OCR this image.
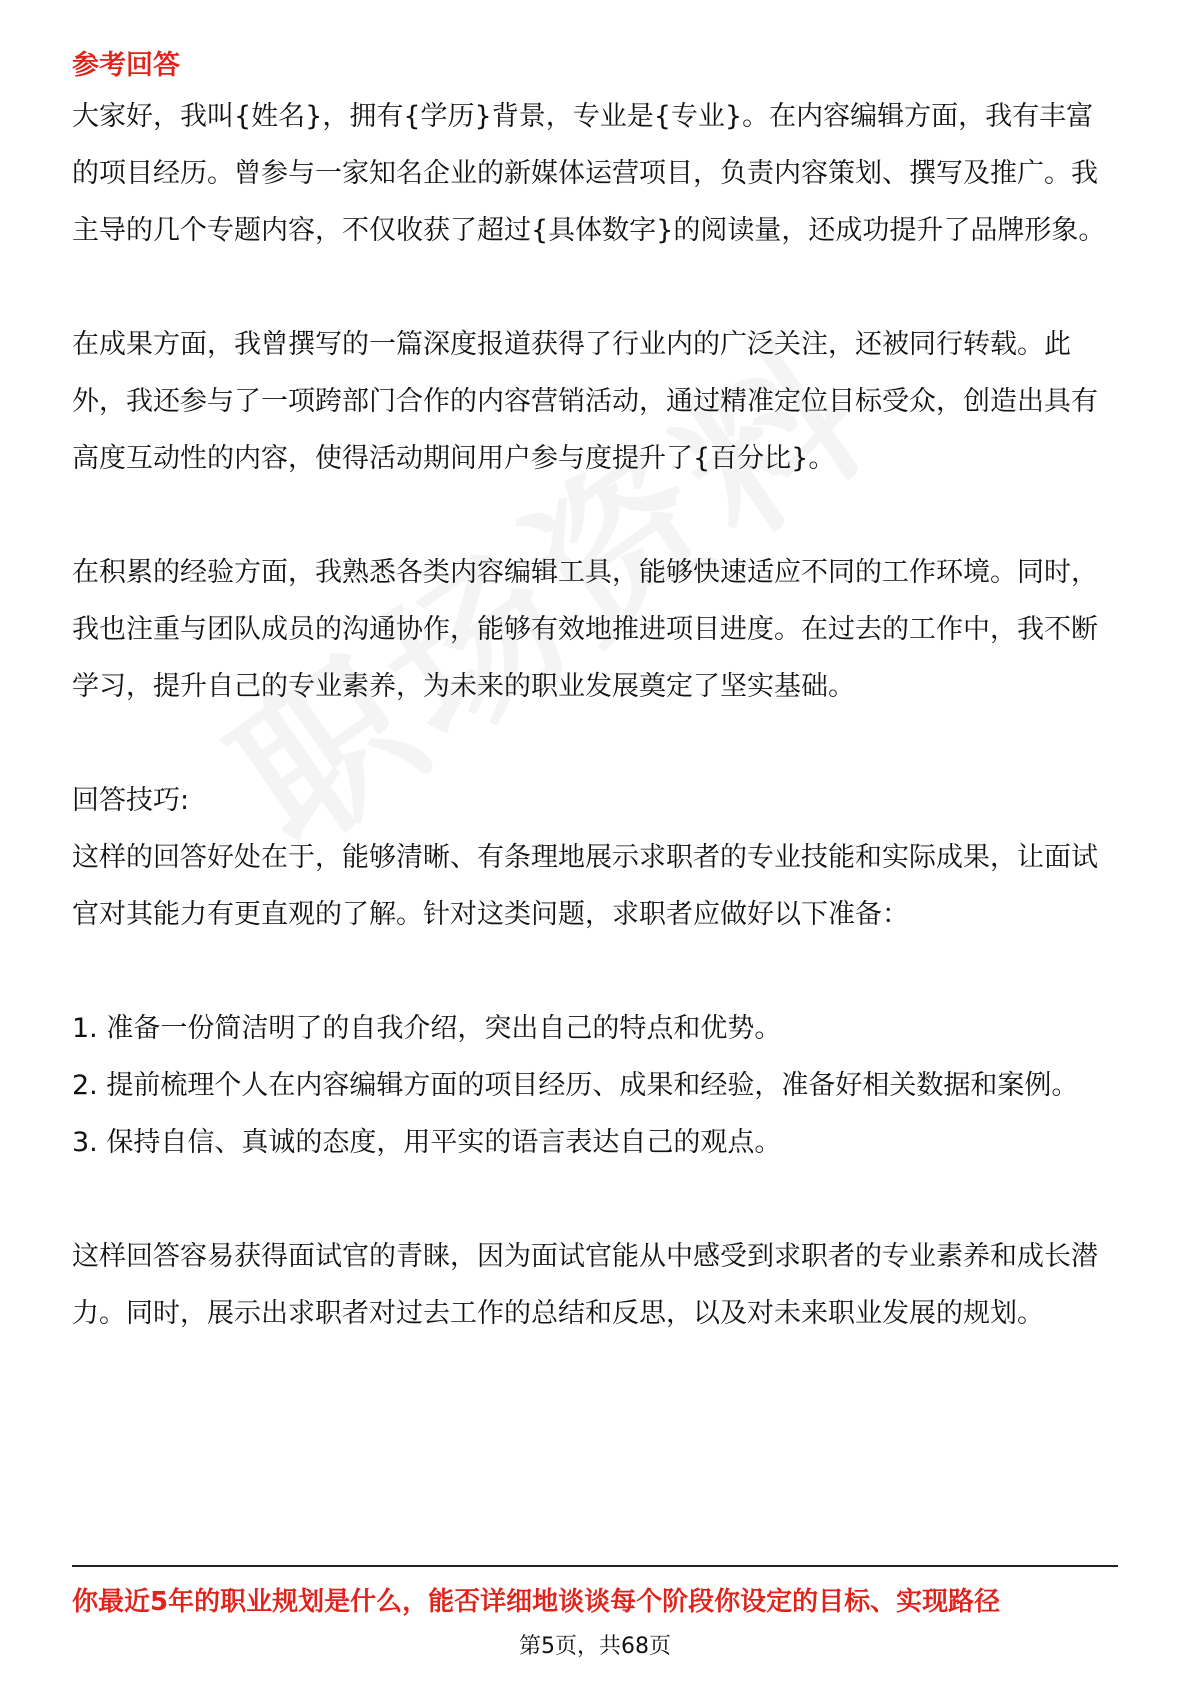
参考回答

大家好，我叫{姓名}，拥有{学历}背景，专业是{专业}。在内容编辑方面，我有丰富的项目经历。曾参与一家知名企业的新媒体运营项目，负责内容策划、撰写及推广。我主导的几个专题内容，不仅收获了超过{具体数字}的阅读量，还成功提升了品牌形象。

在成果方面，我曾撰写的一篇深度报道获得了行业内的广泛关注，还被同行转载。此外，我还参与了一项跨部门合作的内容营销活动，通过精准定位目标受众，创造出具有高度互动性的内容，使得活动期间用户参与度提升了{百分比}。

在积累的经验方面，我熟悉各类内容编辑工具，能够快速适应不同的工作环境。同时，我也注重与团队成员的沟通协作，能够有效地推进项目进度。在过去的工作中，我不断学习，提升自己的专业素养，为未来的职业发展奠定了坚实基础。

回答技巧:

这样的回答好处在于，能够清晰、有条理地展示求职者的专业技能和实际成果，让面试官对其能力有更直观的了解。针对这类问题，求职者应做好以下准备：

1. 准备一份简洁明了的自我介绍，突出自己的特点和优势。

2. 提前梳理个人在内容编辑方面的项目经历、成果和经验，准备好相关数据和案例。

3. 保持自信、真诚的态度，用平实的语言表达自己的观点。

这样回答容易获得面试官的青睐，因为面试官能从中感受到求职者的专业素养和成长潜力。同时，展示出求职者对过去工作的总结和反思，以及对未来职业发展的规划。

你最近5年的职业规划是什么，能否详细地谈谈每个阶段你设定的目标、实现路径
第5页，共68页
